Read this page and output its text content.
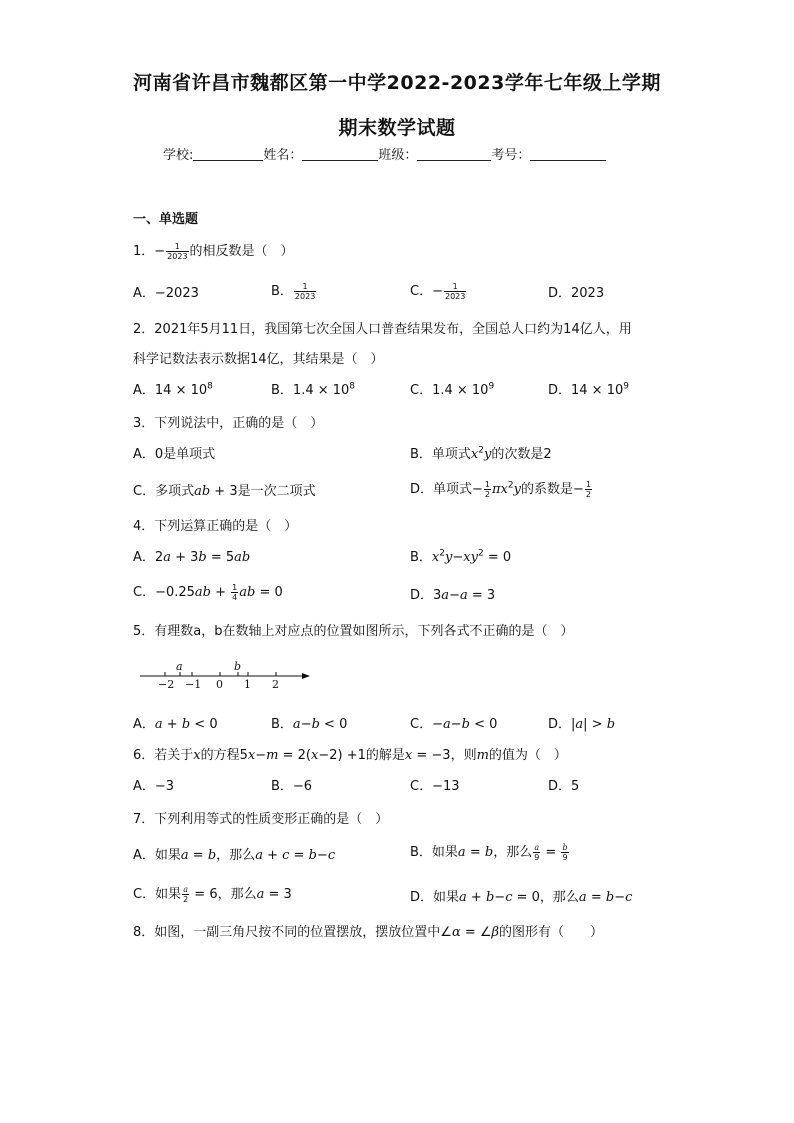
河南省许昌市魏都区第一中学2022-2023学年七年级上学期
期末数学试题
学校:	姓名：	班级：	考号：
一、单选题
1．− $\frac{1}{2023}$ 的相反数是（　）
A．−2023	B． $\frac{1}{2023}$	C．− $\frac{1}{2023}$	D．2023
2．2021年5月11日，我国第七次全国人口普查结果发布，全国总人口约为14亿人，用
科学记数法表示数据14亿，其结果是（　）
A．$14 \times 10^8$	B．$1.4 \times 10^8$	C．$1.4 \times 10^9$	D．$14 \times 10^9$
3．下列说法中，正确的是（　）
A．0是单项式	B．单项式$x^2y$的次数是2
C．多项式ab + 3是一次二项式	D．单项式− $\frac{1}{2} \pi x^2y$的系数是− $\frac{1}{2}$
4．下列运算正确的是（　）
A．2a + 3b = 5ab	B．$x^2y-xy^2 = 0$
C．$-0.25ab + \frac{1}{4}$ ab = 0	D．3a−a = 3
5．有理数a，b在数轴上对应点的位置如图所示，下列各式不正确的是（　）
a	b
−2 −1 0 1 2
A．a + b < 0	B．a−b < 0	C．−a−b < 0	D．|a| > b
6．若关于x的方程5x−m = 2(x−2) +1的解是x = −3，则m的值为（　）
A．−3	B．−6	C．−13	D．5
7．下列利用等式的性质变形正确的是（　）
A．如果a = b，那么a + c = b−c	B．如果a = b，那么 $\frac{a}{9} = \frac{b}{9}$
C．如果 $\frac{a}{2} = 6$，那么a = 3	D．如果a + b−c = 0，那么a = b−c
8．如图，一副三角尺按不同的位置摆放，摆放位置中∠α = ∠β的图形有（　　）
